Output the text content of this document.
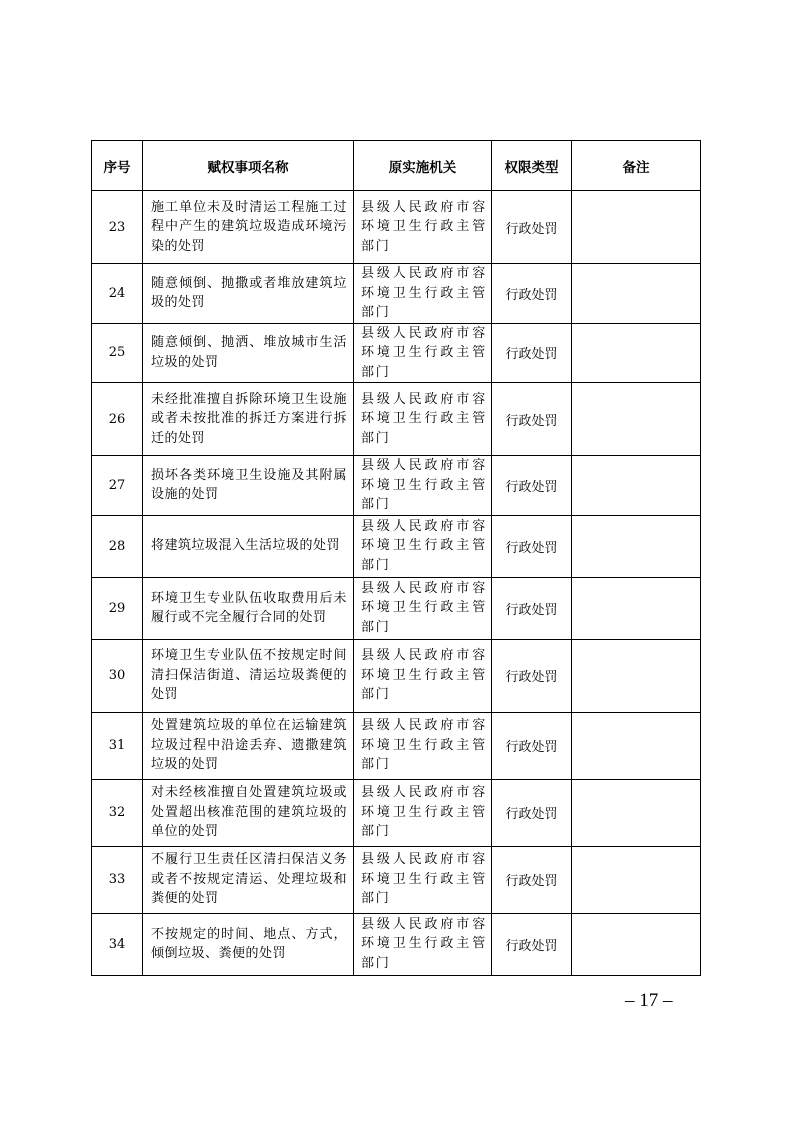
序号	赋权事项名称	原实施机关	权限类型	备注
23	施工单位未及时清运工程施工过程中产生的建筑垃圾造成环境污染的处罚	县级人民政府市容环境卫生行政主管部门	行政处罚	
24	随意倾倒、抛撒或者堆放建筑垃圾的处罚	县级人民政府市容环境卫生行政主管部门	行政处罚	
25	随意倾倒、抛洒、堆放城市生活垃圾的处罚	县级人民政府市容环境卫生行政主管部门	行政处罚	
26	未经批准擅自拆除环境卫生设施或者未按批准的拆迁方案进行拆迁的处罚	县级人民政府市容环境卫生行政主管部门	行政处罚	
27	损坏各类环境卫生设施及其附属设施的处罚	县级人民政府市容环境卫生行政主管部门	行政处罚	
28	将建筑垃圾混入生活垃圾的处罚	县级人民政府市容环境卫生行政主管部门	行政处罚	
29	环境卫生专业队伍收取费用后未履行或不完全履行合同的处罚	县级人民政府市容环境卫生行政主管部门	行政处罚	
30	环境卫生专业队伍不按规定时间清扫保洁街道、清运垃圾粪便的处罚	县级人民政府市容环境卫生行政主管部门	行政处罚	
31	处置建筑垃圾的单位在运输建筑垃圾过程中沿途丢弃、遗撒建筑垃圾的处罚	县级人民政府市容环境卫生行政主管部门	行政处罚	
32	对未经核准擅自处置建筑垃圾或处置超出核准范围的建筑垃圾的单位的处罚	县级人民政府市容环境卫生行政主管部门	行政处罚	
33	不履行卫生责任区清扫保洁义务或者不按规定清运、处理垃圾和粪便的处罚	县级人民政府市容环境卫生行政主管部门	行政处罚	
34	不按规定的时间、地点、方式，倾倒垃圾、粪便的处罚	县级人民政府市容环境卫生行政主管部门	行政处罚	
– 17 –
